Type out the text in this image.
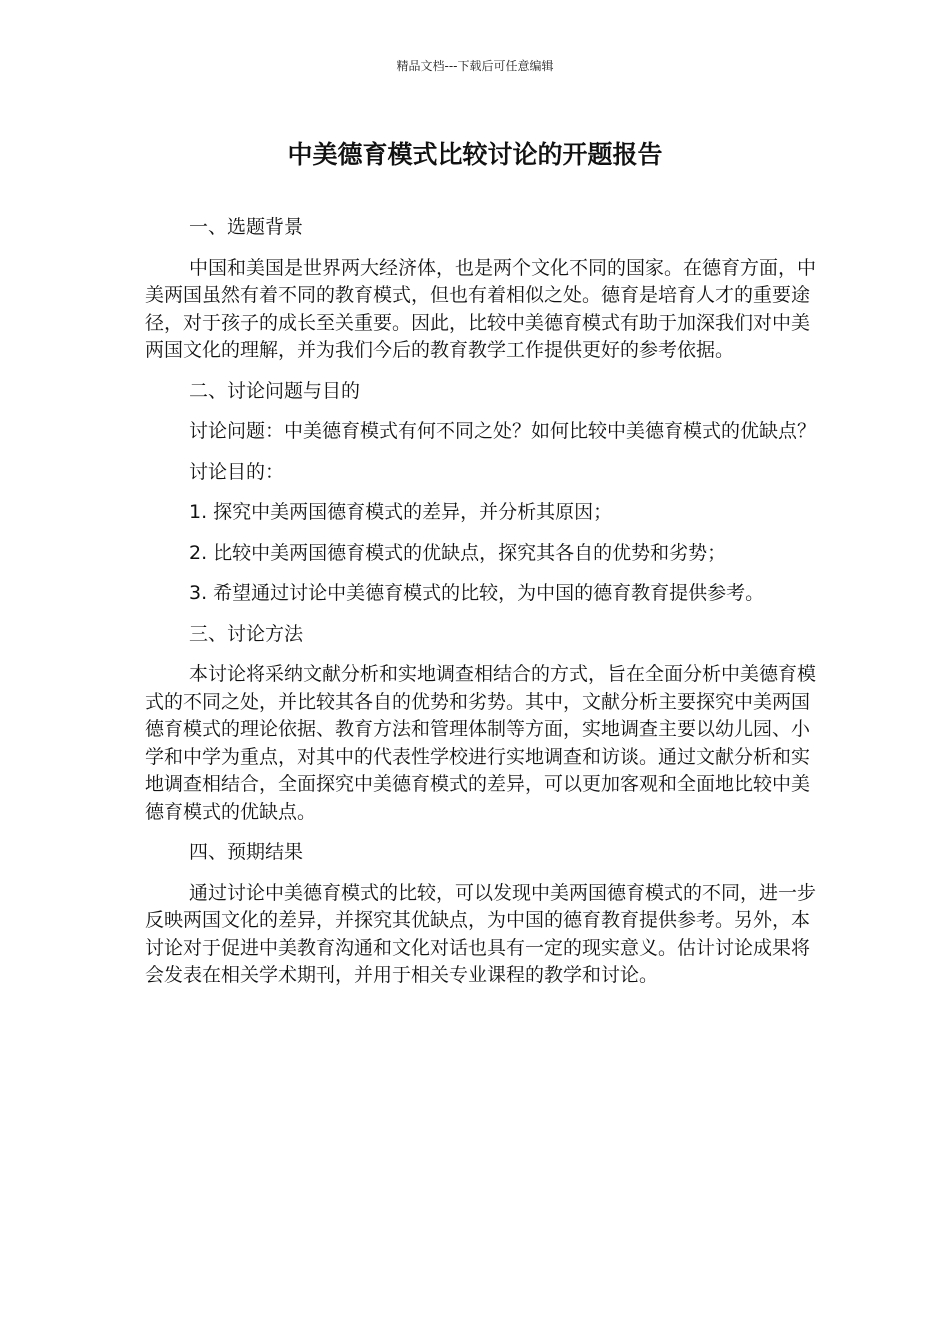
精品文档---下载后可任意编辑
中美德育模式比较讨论的开题报告

一、选题背景

中国和美国是世界两大经济体，也是两个文化不同的国家。在德育方面，中美两国虽然有着不同的教育模式，但也有着相似之处。德育是培育人才的重要途径，对于孩子的成长至关重要。因此，比较中美德育模式有助于加深我们对中美两国文化的理解，并为我们今后的教育教学工作提供更好的参考依据。

二、讨论问题与目的

讨论问题：中美德育模式有何不同之处？如何比较中美德育模式的优缺点？

讨论目的：

1. 探究中美两国德育模式的差异，并分析其原因；

2. 比较中美两国德育模式的优缺点，探究其各自的优势和劣势；

3. 希望通过讨论中美德育模式的比较，为中国的德育教育提供参考。

三、讨论方法

本讨论将采纳文献分析和实地调查相结合的方式，旨在全面分析中美德育模式的不同之处，并比较其各自的优势和劣势。其中，文献分析主要探究中美两国德育模式的理论依据、教育方法和管理体制等方面，实地调查主要以幼儿园、小学和中学为重点，对其中的代表性学校进行实地调查和访谈。通过文献分析和实地调查相结合，全面探究中美德育模式的差异，可以更加客观和全面地比较中美德育模式的优缺点。

四、预期结果

通过讨论中美德育模式的比较，可以发现中美两国德育模式的不同，进一步反映两国文化的差异，并探究其优缺点，为中国的德育教育提供参考。另外，本讨论对于促进中美教育沟通和文化对话也具有一定的现实意义。估计讨论成果将会发表在相关学术期刊，并用于相关专业课程的教学和讨论。
